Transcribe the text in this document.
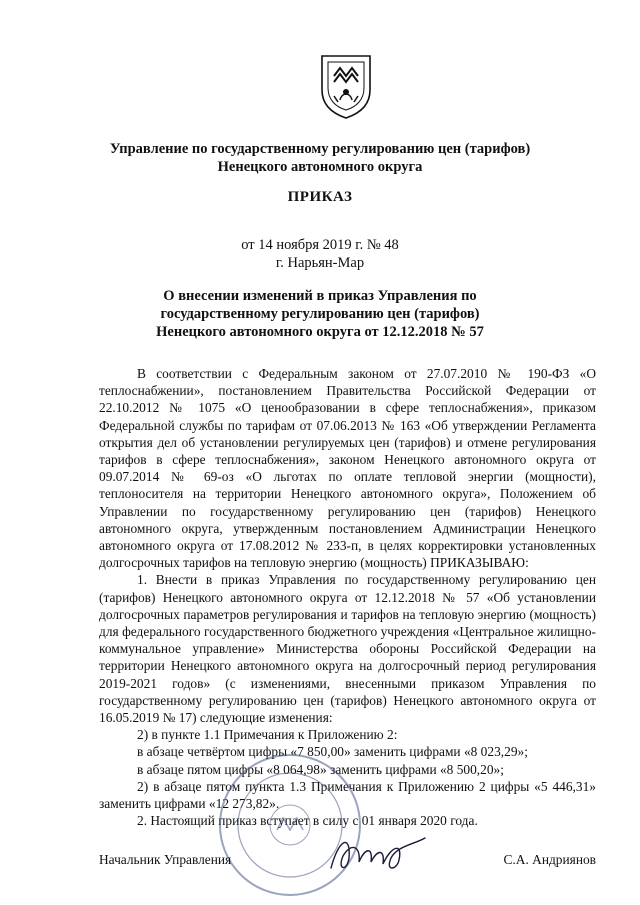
Управление по государственному регулированию цен (тарифов)
Ненецкого автономного округа
ПРИКАЗ
от 14 ноября 2019 г. № 48
г. Нарьян-Мар
О внесении изменений в приказ Управления по
государственному регулированию цен (тарифов)
Ненецкого автономного округа от 12.12.2018 № 57

В соответствии с Федеральным законом от 27.07.2010 № 190-ФЗ «О теплоснабжении», постановлением Правительства Российской Федерации от 22.10.2012 № 1075 «О ценообразовании в сфере теплоснабжения», приказом Федеральной службы по тарифам от 07.06.2013 № 163 «Об утверждении Регламента открытия дел об установлении регулируемых цен (тарифов) и отмене регулирования тарифов в сфере теплоснабжения», законом Ненецкого автономного округа от 09.07.2014 № 69-оз «О льготах по оплате тепловой энергии (мощности), теплоносителя на территории Ненецкого автономного округа», Положением об Управлении по государственному регулированию цен (тарифов) Ненецкого автономного округа, утвержденным постановлением Администрации Ненецкого автономного округа от 17.08.2012 № 233-п, в целях корректировки установленных долгосрочных тарифов на тепловую энергию (мощность) ПРИКАЗЫВАЮ:

1. Внести в приказ Управления по государственному регулированию цен (тарифов) Ненецкого автономного округа от 12.12.2018 № 57 «Об установлении долгосрочных параметров регулирования и тарифов на тепловую энергию (мощность) для федерального государственного бюджетного учреждения «Центральное жилищно-коммунальное управление» Министерства обороны Российской Федерации на территории Ненецкого автономного округа на долгосрочный период регулирования 2019-2021 годов» (с изменениями, внесенными приказом Управления по государственному регулированию цен (тарифов) Ненецкого автономного округа от 16.05.2019 № 17) следующие изменения:

2) в пункте 1.1 Примечания к Приложению 2:

в абзаце четвёртом цифры «7 850,00» заменить цифрами «8 023,29»;

в абзаце пятом цифры «8 064,98» заменить цифрами «8 500,20»;

2) в абзаце пятом пункта 1.3 Примечания к Приложению 2 цифры «5 446,31» заменить цифрами «12 273,82».

2. Настоящий приказ вступает в силу с 01 января 2020 года.

Начальник Управления	С.А. Андриянов
